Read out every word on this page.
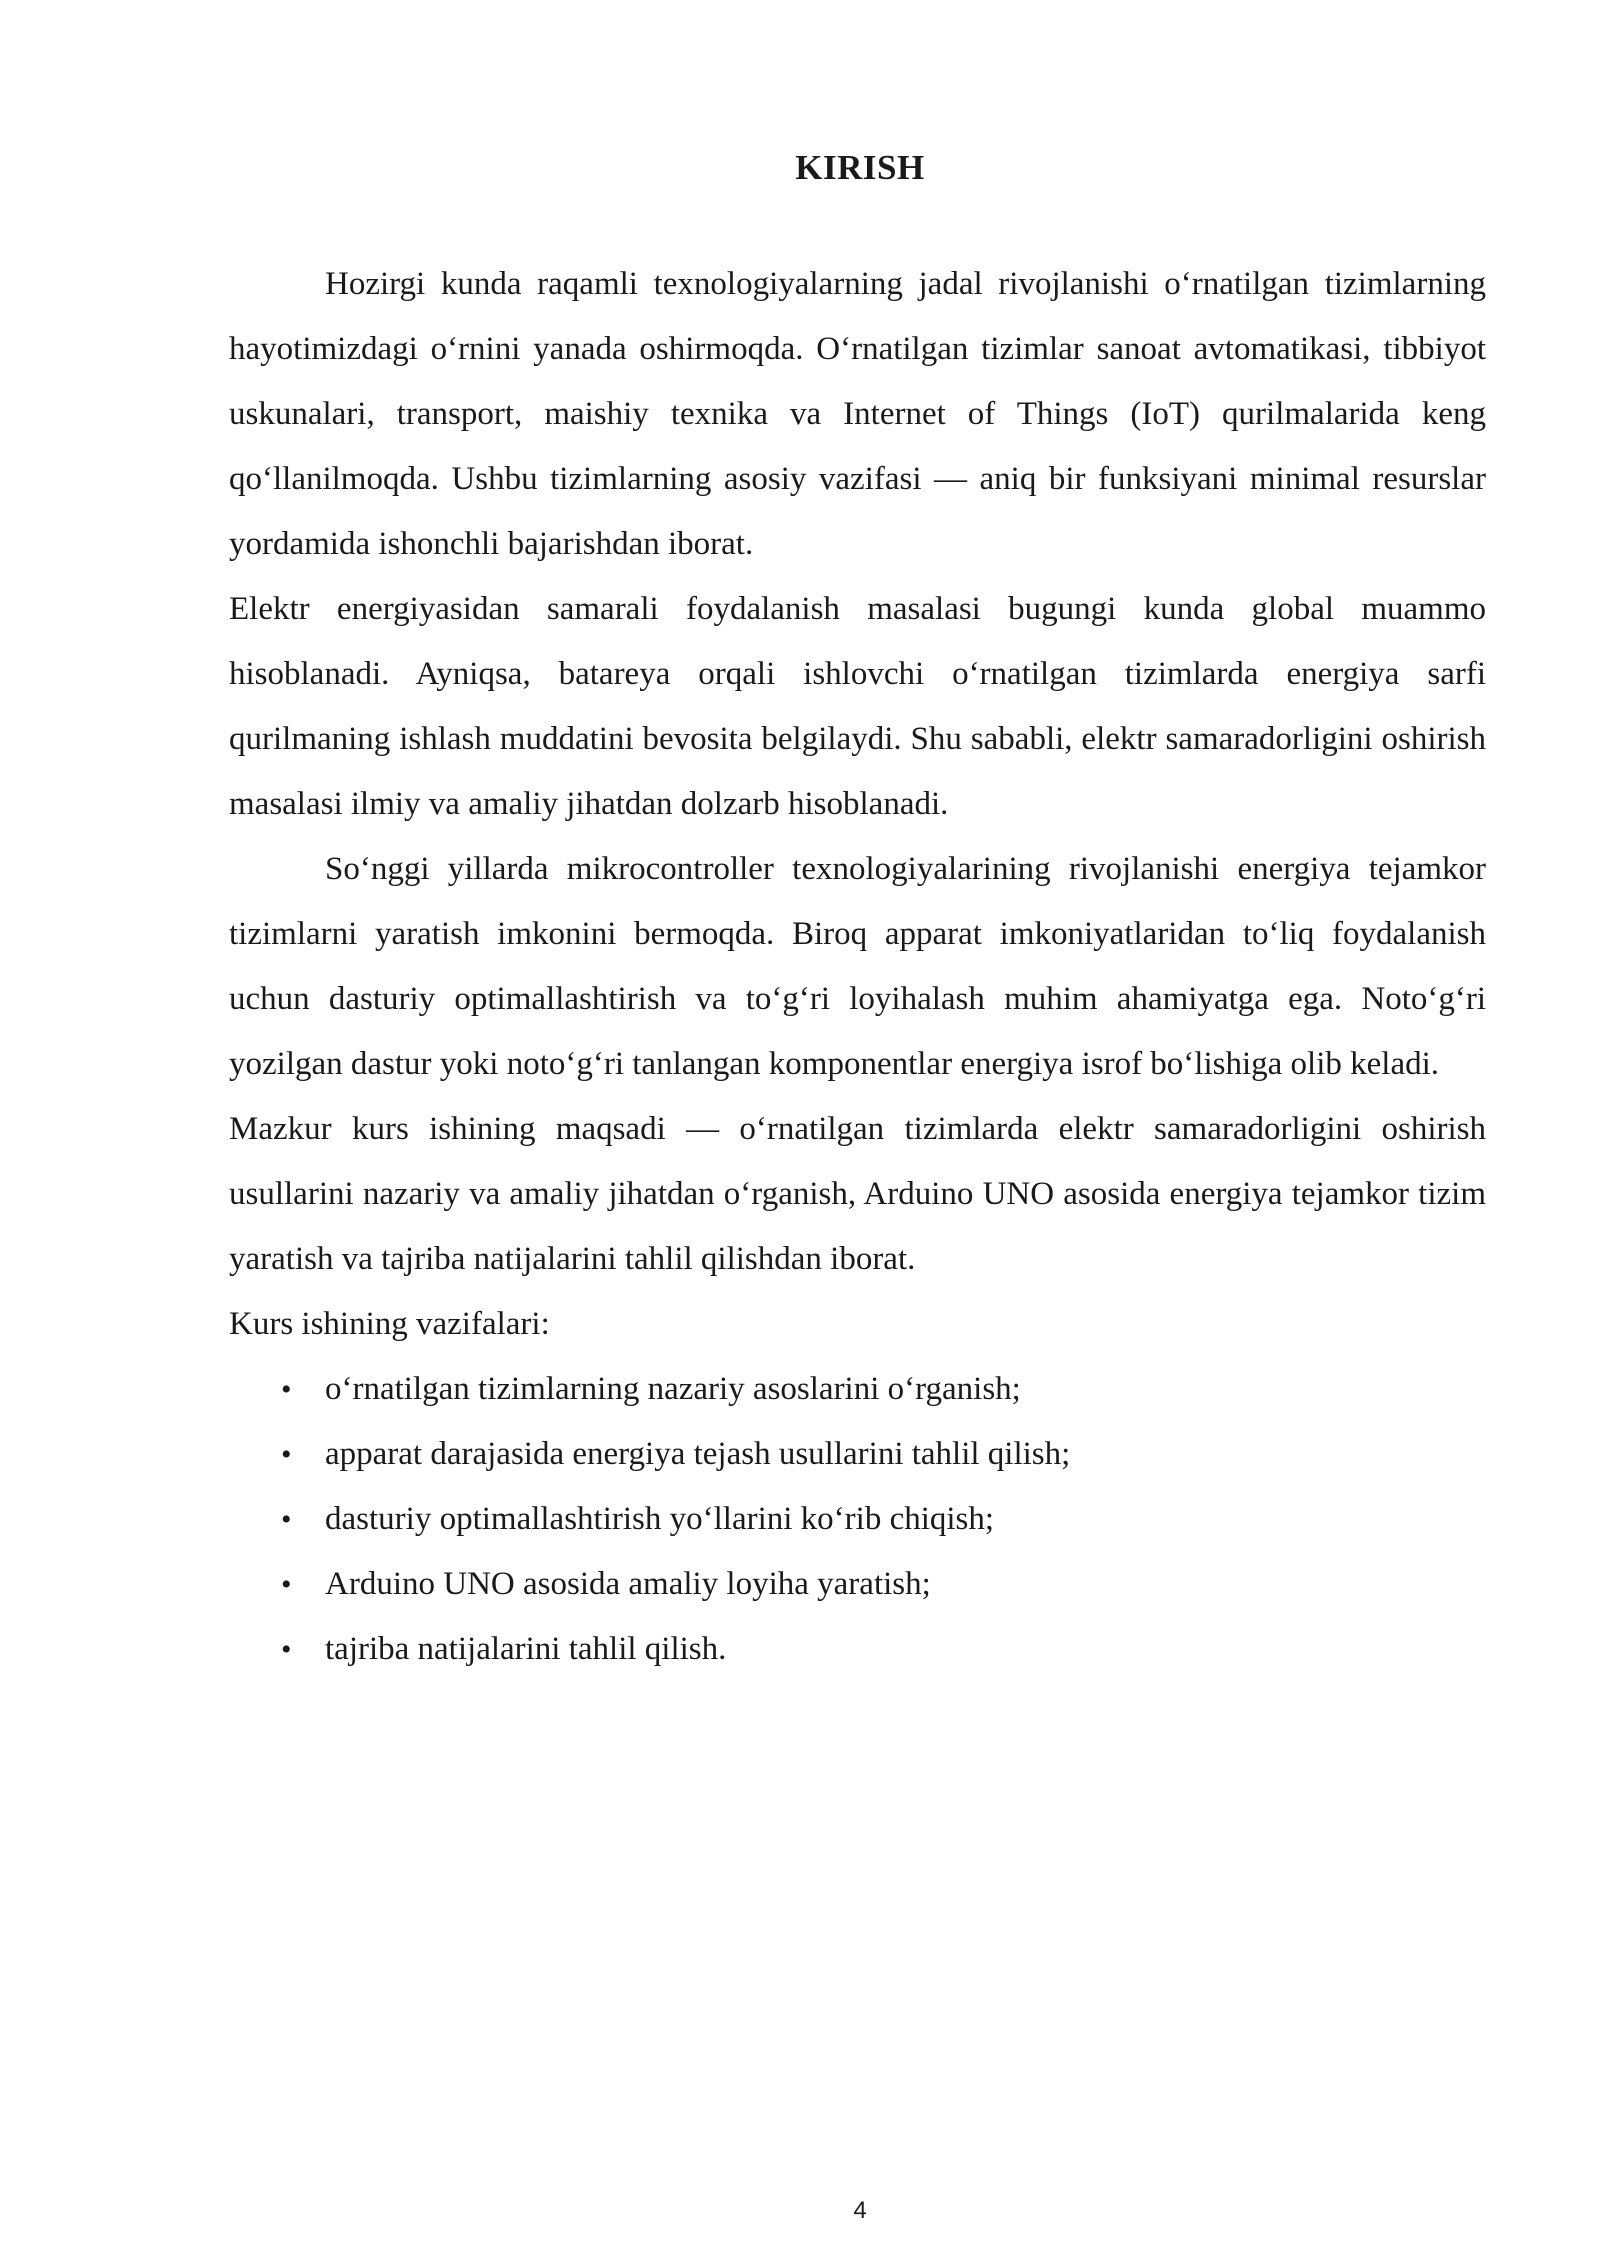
KIRISH

Hozirgi kunda raqamli texnologiyalarning jadal rivojlanishi o‘rnatilgan tizimlarning hayotimizdagi o‘rnini yanada oshirmoqda. O‘rnatilgan tizimlar sanoat avtomatikasi, tibbiyot uskunalari, transport, maishiy texnika va Internet of Things (IoT) qurilmalarida keng qo‘llanilmoqda. Ushbu tizimlarning asosiy vazifasi — aniq bir funksiyani minimal resurslar yordamida ishonchli bajarishdan iborat.

Elektr energiyasidan samarali foydalanish masalasi bugungi kunda global muammo hisoblanadi. Ayniqsa, batareya orqali ishlovchi o‘rnatilgan tizimlarda energiya sarfi qurilmaning ishlash muddatini bevosita belgilaydi. Shu sababli, elektr samaradorligini oshirish masalasi ilmiy va amaliy jihatdan dolzarb hisoblanadi.

So‘nggi yillarda mikrocontroller texnologiyalarining rivojlanishi energiya tejamkor tizimlarni yaratish imkonini bermoqda. Biroq apparat imkoniyatlaridan to‘liq foydalanish uchun dasturiy optimallashtirish va to‘g‘ri loyihalash muhim ahamiyatga ega. Noto‘g‘ri yozilgan dastur yoki noto‘g‘ri tanlangan komponentlar energiya isrof bo‘lishiga olib keladi.

Mazkur kurs ishining maqsadi — o‘rnatilgan tizimlarda elektr samaradorligini oshirish usullarini nazariy va amaliy jihatdan o‘rganish, Arduino UNO asosida energiya tejamkor tizim yaratish va tajriba natijalarini tahlil qilishdan iborat.

Kurs ishining vazifalari:

• o‘rnatilgan tizimlarning nazariy asoslarini o‘rganish;
• apparat darajasida energiya tejash usullarini tahlil qilish;
• dasturiy optimallashtirish yo‘llarini ko‘rib chiqish;
• Arduino UNO asosida amaliy loyiha yaratish;
• tajriba natijalarini tahlil qilish.
4
